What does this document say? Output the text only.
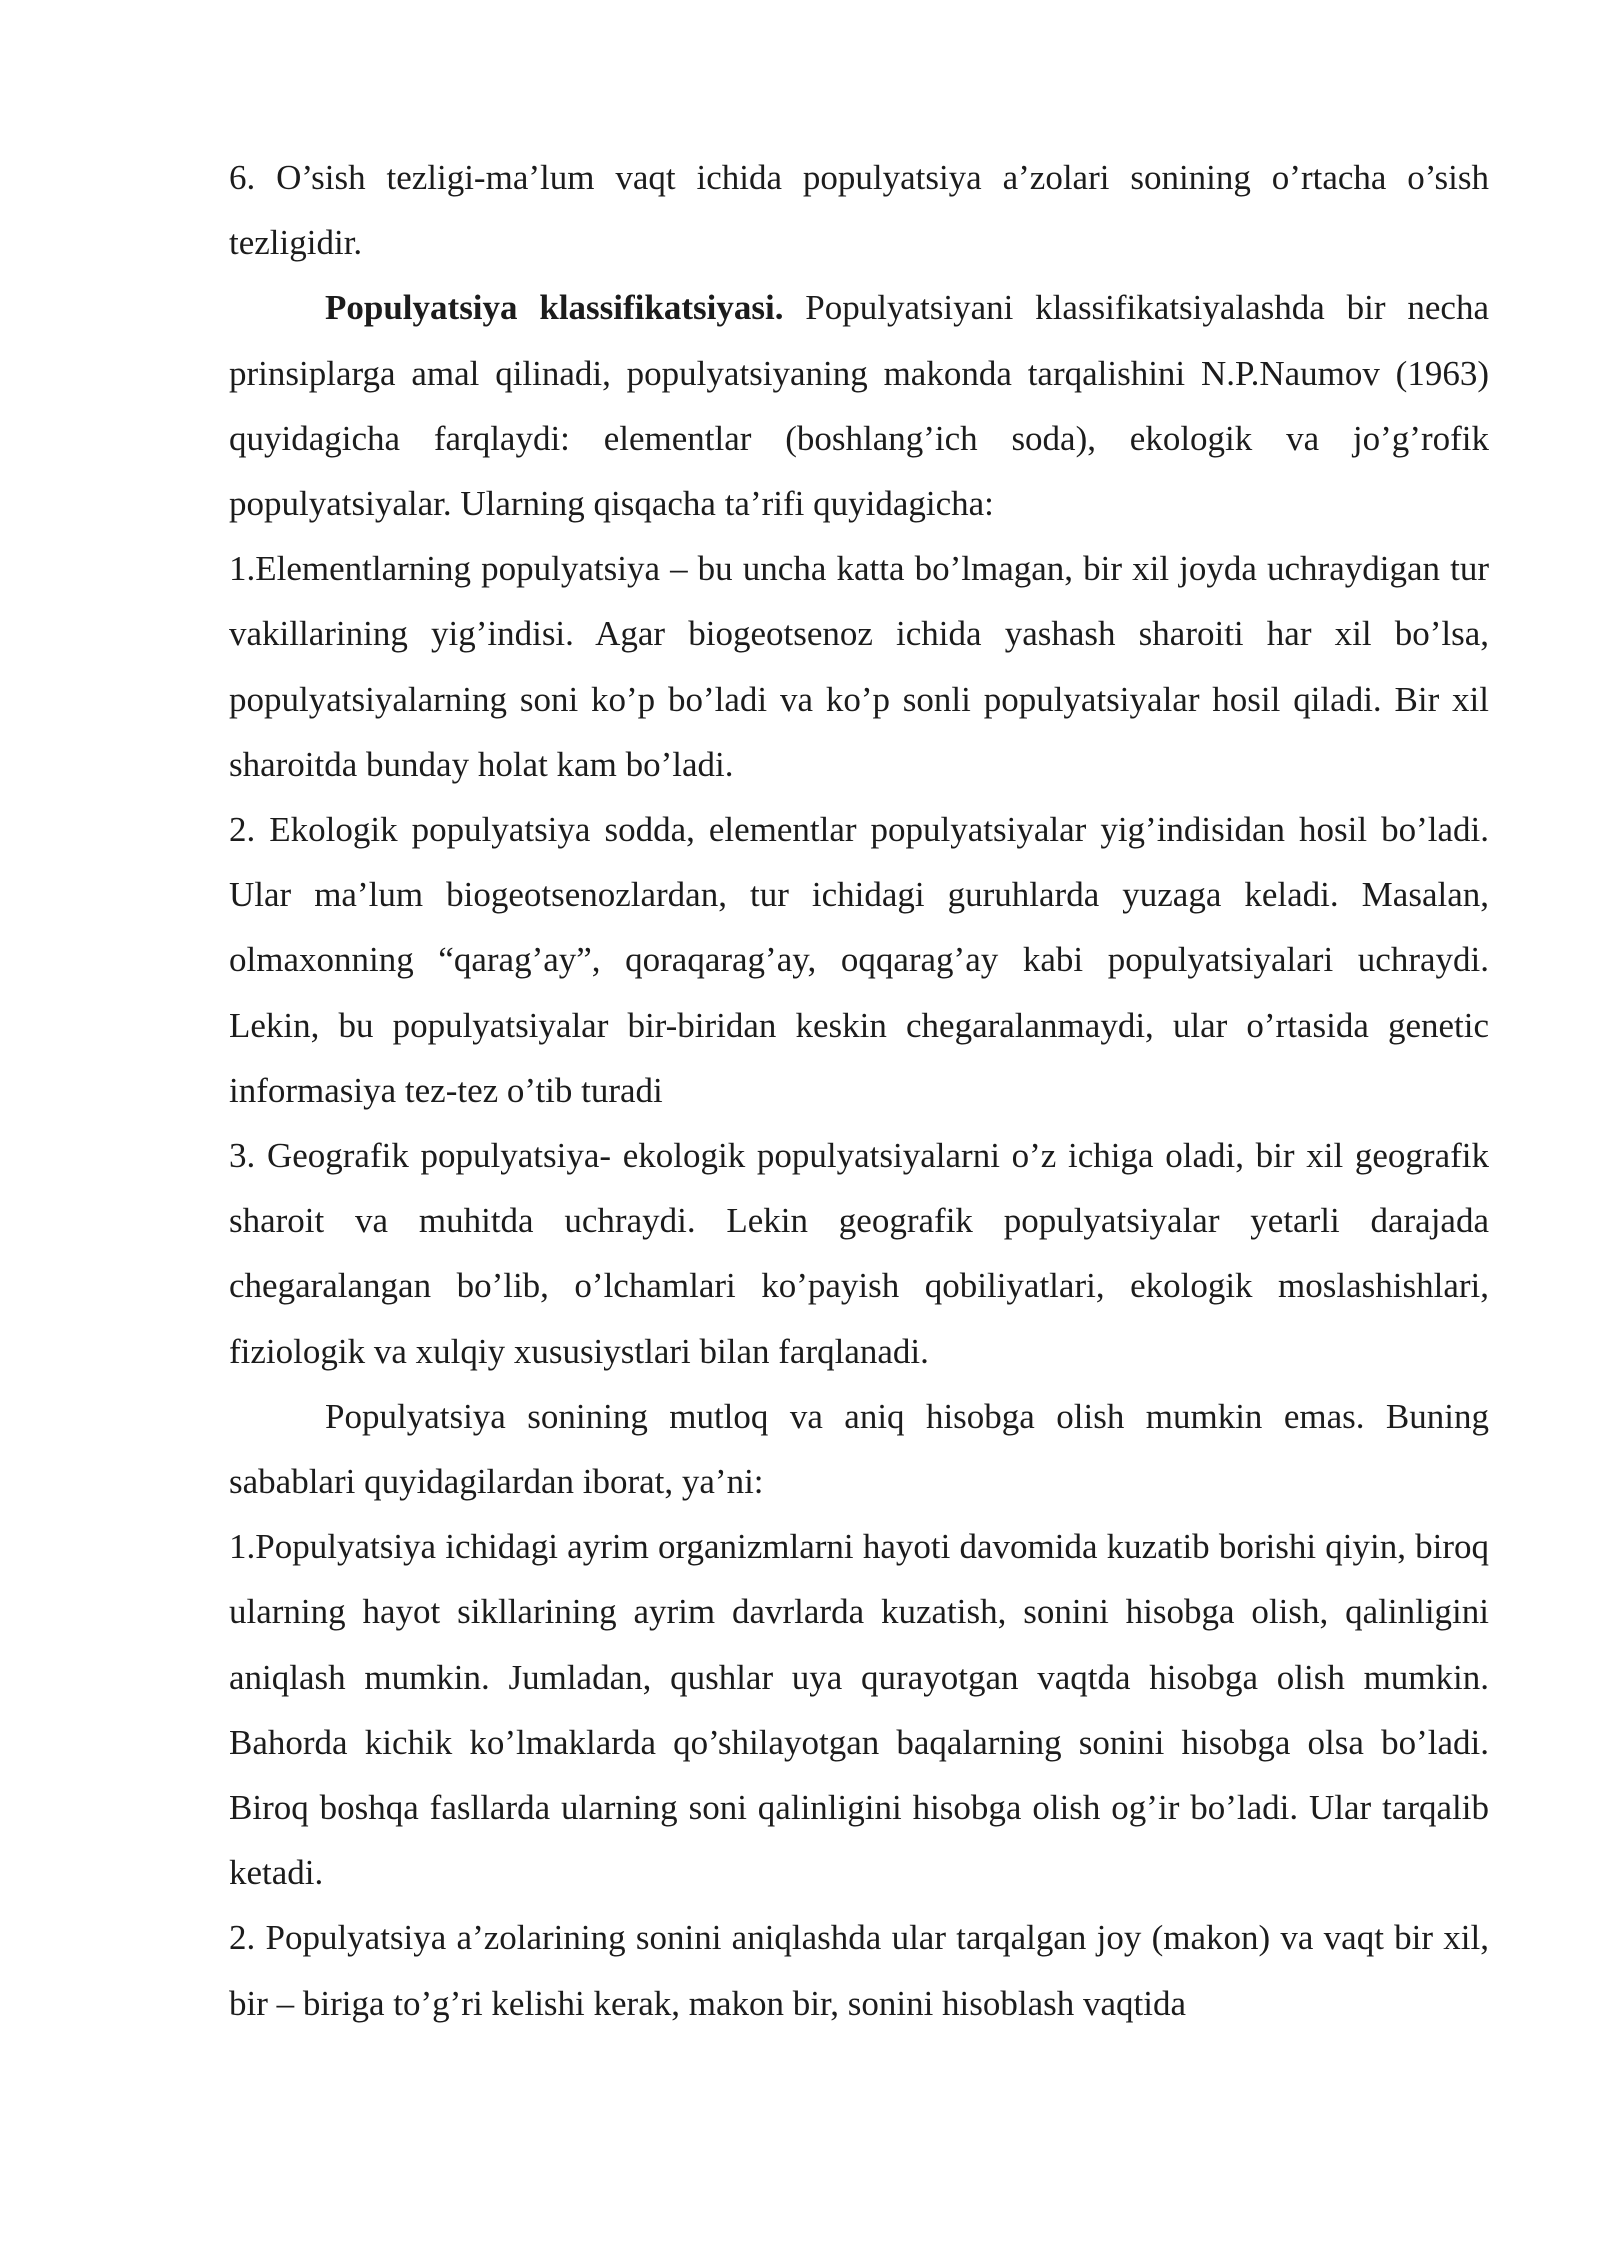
6. O’sish tezligi-ma’lum vaqt ichida populyatsiya a’zolari sonining o’rtacha o’sish tezligidir.

Populyatsiya klassifikatsiyasi. Populyatsiyani klassifikatsiyalashda bir necha prinsiplarga amal qilinadi, populyatsiyaning makonda tarqalishini N.P.Naumov (1963) quyidagicha farqlaydi: elementlar (boshlang’ich soda), ekologik va jo’g’rofik populyatsiyalar. Ularning qisqacha ta’rifi quyidagicha:

1.Elementlarning populyatsiya – bu uncha katta bo’lmagan, bir xil joyda uchraydigan tur vakillarining yig’indisi. Agar biogeotsenoz ichida yashash sharoiti har xil bo’lsa, populyatsiyalarning soni ko’p bo’ladi va ko’p sonli populyatsiyalar hosil qiladi. Bir xil sharoitda bunday holat kam bo’ladi.

2. Ekologik populyatsiya sodda, elementlar populyatsiyalar yig’indisidan hosil bo’ladi. Ular ma’lum biogeotsenozlardan, tur ichidagi guruhlarda yuzaga keladi. Masalan, olmaxonning “qarag’ay”, qoraqarag’ay, oqqarag’ay kabi populyatsiyalari uchraydi. Lekin, bu populyatsiyalar bir-biridan keskin chegaralanmaydi, ular o’rtasida genetic informasiya tez-tez o’tib turadi

3. Geografik populyatsiya- ekologik populyatsiyalarni o’z ichiga oladi, bir xil geografik sharoit va muhitda uchraydi. Lekin geografik populyatsiyalar yetarli darajada chegaralangan bo’lib, o’lchamlari ko’payish qobiliyatlari, ekologik moslashishlari, fiziologik va xulqiy xususiystlari bilan farqlanadi.

Populyatsiya sonining mutloq va aniq hisobga olish mumkin emas. Buning sabablari quyidagilardan iborat, ya’ni:

1.Populyatsiya ichidagi ayrim organizmlarni hayoti davomida kuzatib borishi qiyin, biroq ularning hayot sikllarining ayrim davrlarda kuzatish, sonini hisobga olish, qalinligini aniqlash mumkin. Jumladan, qushlar uya qurayotgan vaqtda hisobga olish mumkin. Bahorda kichik ko’lmaklarda qo’shilayotgan baqalarning sonini hisobga olsa bo’ladi. Biroq boshqa fasllarda ularning soni qalinligini hisobga olish og’ir bo’ladi. Ular tarqalib ketadi.

2. Populyatsiya a’zolarining sonini aniqlashda ular tarqalgan joy (makon) va vaqt bir xil, bir – biriga to’g’ri kelishi kerak, makon bir, sonini hisoblash vaqtida
